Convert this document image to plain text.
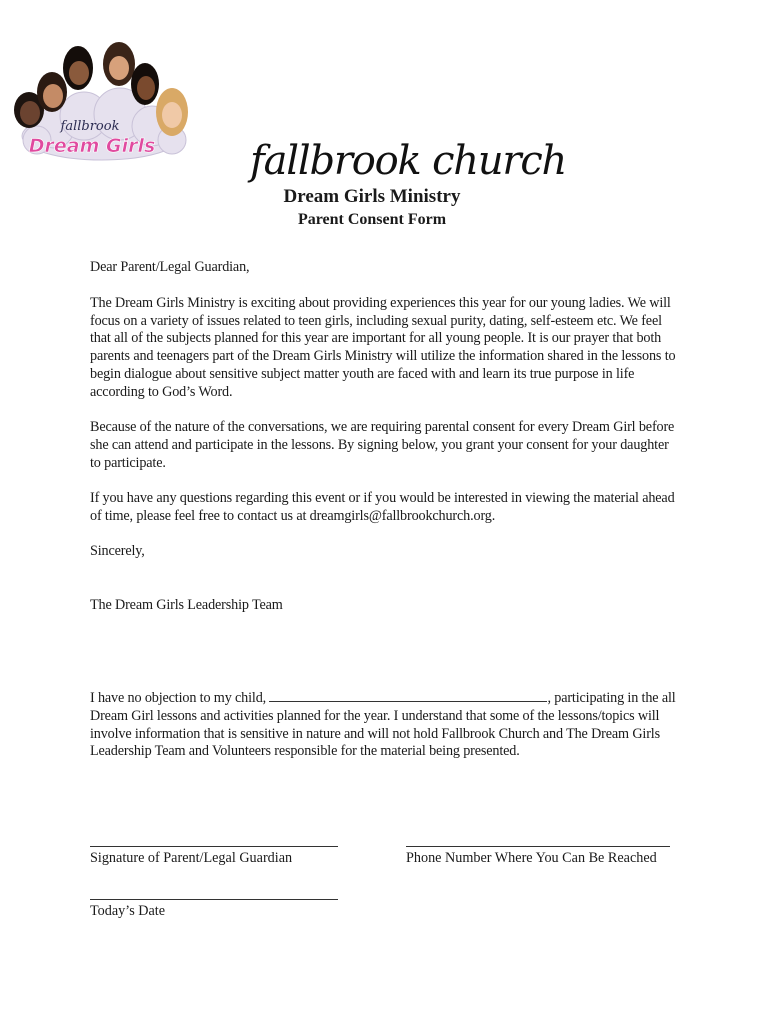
fallbrook
Dream Girls fallbrook church
Dream Girls Ministry
Parent Consent Form

Dear Parent/Legal Guardian,

The Dream Girls Ministry is exciting about providing experiences this year for our young ladies. We will focus on a variety of issues related to teen girls, including sexual purity, dating, self-esteem etc. We feel that all of the subjects planned for this year are important for all young people. It is our prayer that both parents and teenagers part of the Dream Girls Ministry will utilize the information shared in the lessons to begin dialogue about sensitive subject matter youth are faced with and learn its true purpose in life according to God’s Word.

Because of the nature of the conversations, we are requiring parental consent for every Dream Girl before she can attend and participate in the lessons. By signing below, you grant your consent for your daughter to participate.

If you have any questions regarding this event or if you would be interested in viewing the material ahead of time, please feel free to contact us at dreamgirls@fallbrookchurch.org.

Sincerely,

The Dream Girls Leadership Team

I have no objection to my child,	, participating in the all Dream Girl lessons and activities planned for the year. I understand that some of the lessons/topics will involve information that is sensitive in nature and will not hold Fallbrook Church and The Dream Girls Leadership Team and Volunteers responsible for the material being presented.

Signature of Parent/Legal Guardian	Phone Number Where You Can Be Reached
Today’s Date
